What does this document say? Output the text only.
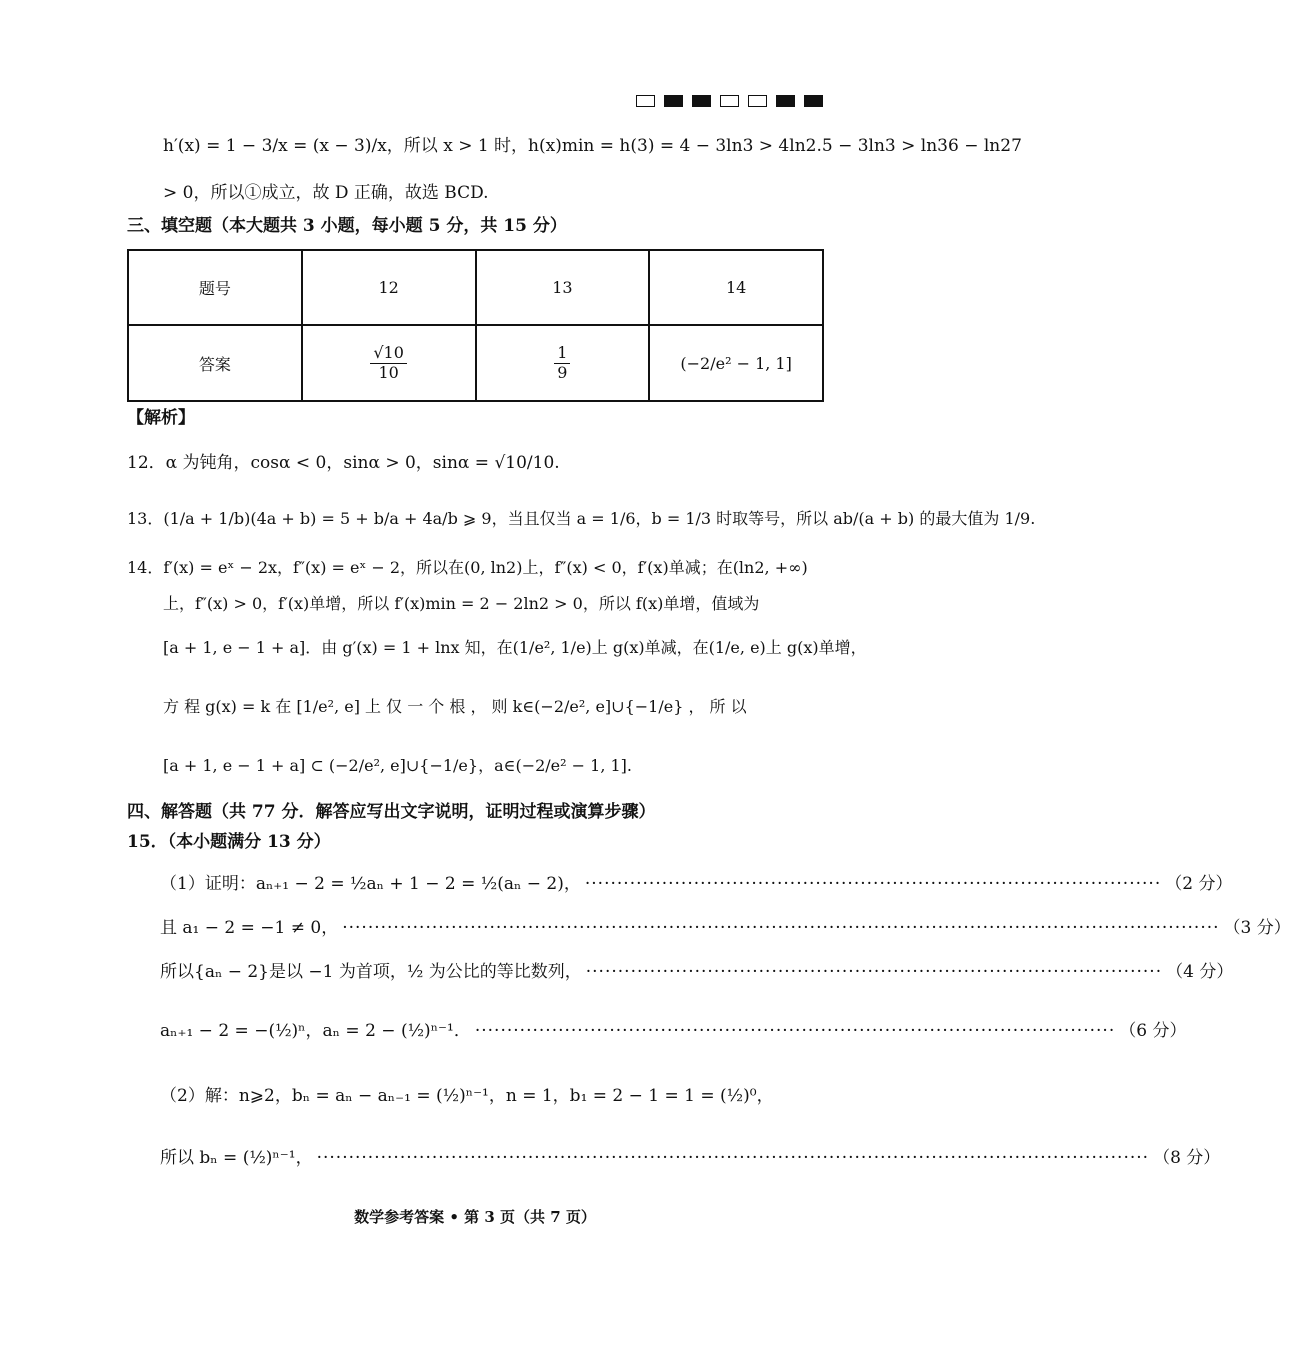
h′(x) = 1 − 3/x = (x − 3)/x，所以 x > 1 时，h(x)min = h(3) = 4 − 3ln3 > 4ln2.5 − 3ln3 > ln36 − ln27
> 0，所以①成立，故 D 正确，故选 BCD.
三、填空题（本大题共 3 小题，每小题 5 分，共 15 分）
题号	12	13	14
答案	$\frac{√10}{10}$	$\frac{1}{9}$	(−2/e² − 1, 1]
【解析】
12．α 为钝角，cosα < 0，sinα > 0，sinα = √10/10.
13．(1/a + 1/b)(4a + b) = 5 + b/a + 4a/b ⩾ 9，当且仅当 a = 1/6，b = 1/3 时取等号，所以 ab/(a + b) 的最大值为 1/9.
14．f′(x) = eˣ − 2x，f″(x) = eˣ − 2，所以在(0, ln2)上，f″(x) < 0，f′(x)单减；在(ln2, +∞)
上，f″(x) > 0，f′(x)单增，所以 f′(x)min = 2 − 2ln2 > 0，所以 f(x)单增，值域为
[a + 1, e − 1 + a]．由 g′(x) = 1 + lnx 知，在(1/e², 1/e)上 g(x)单减，在(1/e, e)上 g(x)单增，
方 程 g(x) = k 在 [1/e², e] 上 仅 一 个 根 ， 则 k∈(−2/e², e]∪{−1/e} ， 所 以
[a + 1, e − 1 + a] ⊂ (−2/e², e]∪{−1/e}，a∈(−2/e² − 1, 1].
四、解答题（共 77 分．解答应写出文字说明，证明过程或演算步骤）
15．（本小题满分 13 分）
（1）证明：aₙ₊₁ − 2 = ½aₙ + 1 − 2 = ½(aₙ − 2)， ·························································································· （2 分）
且 a₁ − 2 = −1 ≠ 0， ········································································································································· （3 分）
所以{aₙ − 2}是以 −1 为首项，½ 为公比的等比数列， ·························································································· （4 分）
aₙ₊₁ − 2 = −(½)ⁿ，aₙ = 2 − (½)ⁿ⁻¹． ···································································································· （6 分）
（2）解：n⩾2，bₙ = aₙ − aₙ₋₁ = (½)ⁿ⁻¹，n = 1，b₁ = 2 − 1 = 1 = (½)⁰，
所以 bₙ = (½)ⁿ⁻¹， ·································································································································· （8 分）
数学参考答案 • 第 3 页（共 7 页）
